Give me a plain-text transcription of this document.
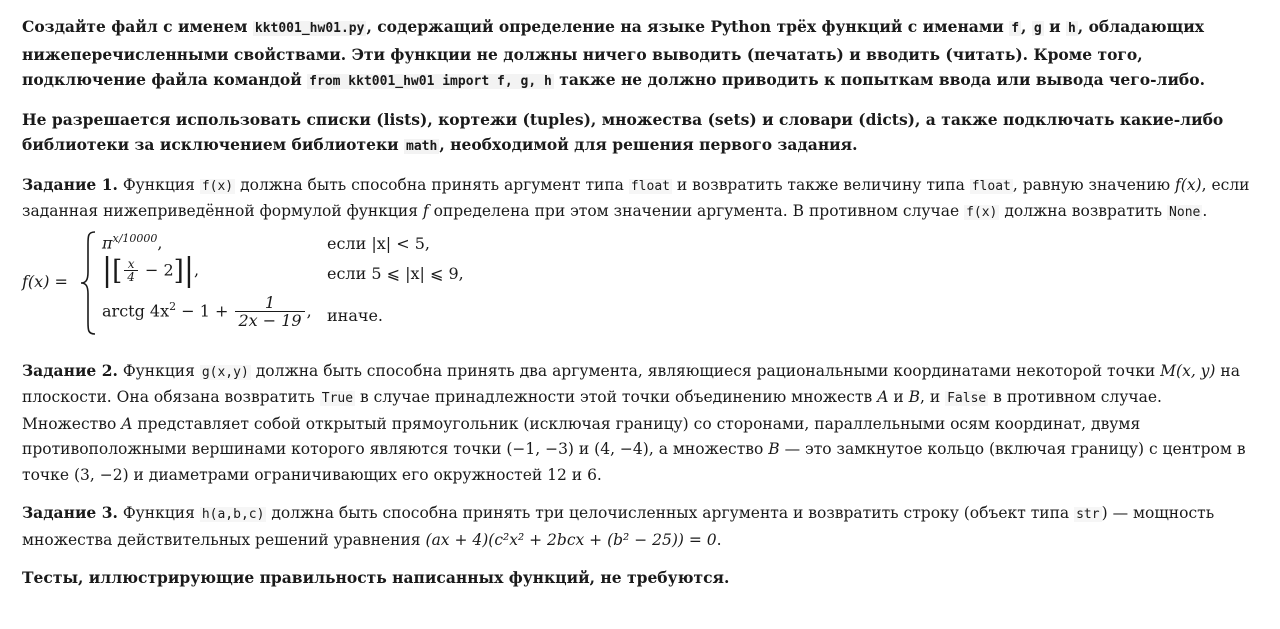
Создайте файл с именем kkt001_hw01.py , содержащий определение на языке Python трёх функций с именами f , g и h , обладающих нижеперечисленными свойствами. Эти функции не должны ничего выводить (печатать) и вводить (читать). Кроме того, подключение файла командой from kkt001_hw01 import f, g, h также не должно приводить к попыткам ввода или вывода чего-либо.

Не разрешается использовать списки (lists), кортежи (tuples), множества (sets) и словари (dicts), а также подключать какие-либо библиотеки за исключением библиотеки math , необходимой для решения первого задания.

Задание 1. Функция f(x) должна быть способна принять аргумент типа float и возвратить также величину типа float , равную значению f(x), если заданная нижеприведённой формулой функция f определена при этом значении аргумента. В противном случае f(x) должна возвратить None .

f(x) =
$\pi^{x/10000}$,	если |x| < 5,
|[ $\frac{x}{4} - 2]|$,	если 5 ⩽ |x| ⩽ 9,
arctg $4x^2 - 1 + \frac{1}{2x - 19}$ , иначе.

Задание 2. Функция g(x,y) должна быть способна принять два аргумента, являющиеся рациональными координатами некоторой точки M(x, y) на плоскости. Она обязана возвратить True в случае принадлежности этой точки объединению множеств A и B, и False в противном случае. Множество A представляет собой открытый прямоугольник (исключая границу) со сторонами, параллельными осям координат, двумя противоположными вершинами которого являются точки (−1, −3) и (4, −4), а множество B — это замкнутое кольцо (включая границу) с центром в точке (3, −2) и диаметрами ограничивающих его окружностей 12 и 6.

Задание 3. Функция h(a,b,c) должна быть способна принять три целочисленных аргумента и возвратить строку (объект типа str ) — мощность множества действительных решений уравнения (ax + 4)(c²x² + 2bcx + (b² − 25)) = 0.

Тесты, иллюстрирующие правильность написанных функций, не требуются.
